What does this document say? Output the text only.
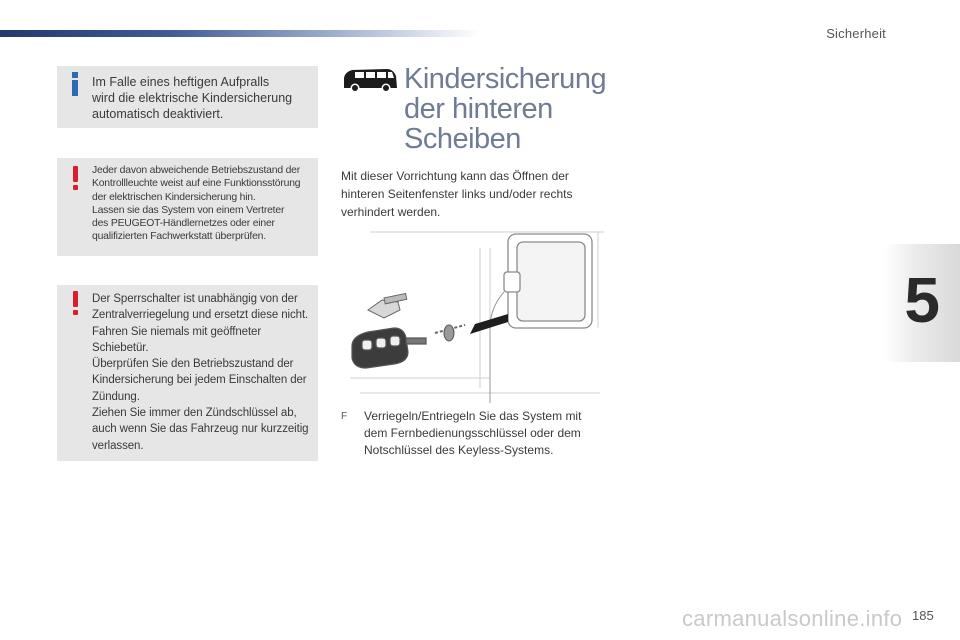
Sicherheit
5
Im Falle eines heftigen Aufpralls
wird die elektrische Kindersicherung
automatisch deaktiviert.
Jeder davon abweichende Betriebszustand der
Kontrollleuchte weist auf eine Funktionsstörung
der elektrischen Kindersicherung hin.
Lassen sie das System von einem Vertreter
des PEUGEOT-Händlernetzes oder einer
qualifizierten Fachwerkstatt überprüfen.
Der Sperrschalter ist unabhängig von der
Zentralverriegelung und ersetzt diese nicht.
Fahren Sie niemals mit geöffneter
Schiebetür.
Überprüfen Sie den Betriebszustand der
Kindersicherung bei jedem Einschalten der
Zündung.
Ziehen Sie immer den Zündschlüssel ab,
auch wenn Sie das Fahrzeug nur kurzzeitig
verlassen.
Kindersicherung
der hinteren
Scheiben
Mit dieser Vorrichtung kann das Öffnen der
hinteren Seitenfenster links und/oder rechts
verhindert werden.
F Verriegeln/Entriegeln Sie das System mit
dem Fernbedienungsschlüssel oder dem
Notschlüssel des Keyless-Systems.
carmanualsonline.info 185
